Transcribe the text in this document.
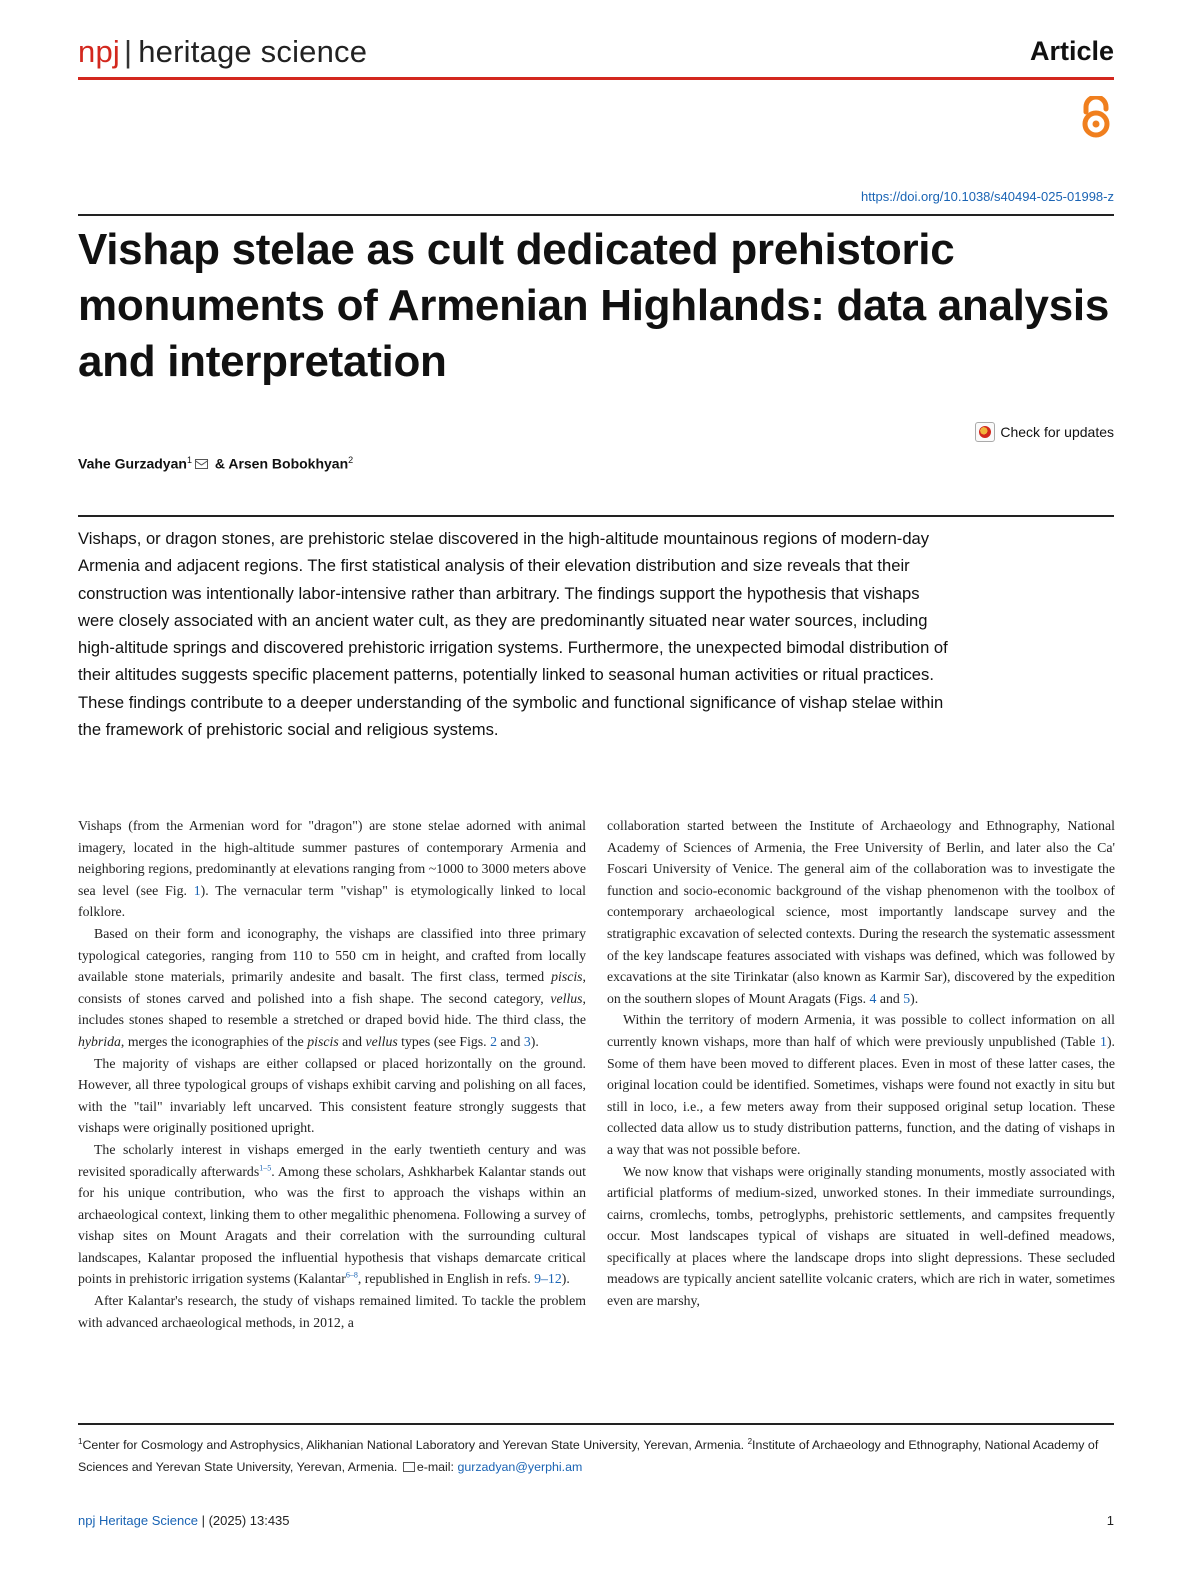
npj | heritage science	Article
https://doi.org/10.1038/s40494-025-01998-z
Vishap stelae as cult dedicated prehistoric monuments of Armenian Highlands: data analysis and interpretation
Check for updates
Vahe Gurzadyan$^1$ & Arsen Bobokhyan$^2$

Vishaps, or dragon stones, are prehistoric stelae discovered in the high-altitude mountainous regions of modern-day Armenia and adjacent regions. The first statistical analysis of their elevation distribution and size reveals that their construction was intentionally labor-intensive rather than arbitrary. The findings support the hypothesis that vishaps were closely associated with an ancient water cult, as they are predominantly situated near water sources, including high-altitude springs and discovered prehistoric irrigation systems. Furthermore, the unexpected bimodal distribution of their altitudes suggests specific placement patterns, potentially linked to seasonal human activities or ritual practices. These findings contribute to a deeper understanding of the symbolic and functional significance of vishap stelae within the framework of prehistoric social and religious systems.

Vishaps (from the Armenian word for "dragon") are stone stelae adorned with animal imagery, located in the high-altitude summer pastures of contemporary Armenia and neighboring regions, predominantly at elevations ranging from ~1000 to 3000 meters above sea level (see Fig. 1). The vernacular term "vishap" is etymologically linked to local folklore.

Based on their form and iconography, the vishaps are classified into three primary typological categories, ranging from 110 to 550 cm in height, and crafted from locally available stone materials, primarily andesite and basalt. The first class, termed piscis, consists of stones carved and polished into a fish shape. The second category, vellus, includes stones shaped to resemble a stretched or draped bovid hide. The third class, the hybrida, merges the iconographies of the piscis and vellus types (see Figs. 2 and 3).

The majority of vishaps are either collapsed or placed horizontally on the ground. However, all three typological groups of vishaps exhibit carving and polishing on all faces, with the "tail" invariably left uncarved. This consistent feature strongly suggests that vishaps were originally positioned upright.

The scholarly interest in vishaps emerged in the early twentieth century and was revisited sporadically afterwards$^{1-5}$. Among these scholars, Ashkharbek Kalantar stands out for his unique contribution, who was the first to approach the vishaps within an archaeological context, linking them to other megalithic phenomena. Following a survey of vishap sites on Mount Aragats and their correlation with the surrounding cultural landscapes, Kalantar proposed the influential hypothesis that vishaps demarcate critical points in prehistoric irrigation systems (Kalantar$^{6-8}$, republished in English in refs. 9–12).

After Kalantar's research, the study of vishaps remained limited. To tackle the problem with advanced archaeological methods, in 2012, a

collaboration started between the Institute of Archaeology and Ethnography, National Academy of Sciences of Armenia, the Free University of Berlin, and later also the Ca' Foscari University of Venice. The general aim of the collaboration was to investigate the function and socio-economic background of the vishap phenomenon with the toolbox of contemporary archaeological science, most importantly landscape survey and the stratigraphic excavation of selected contexts. During the research the systematic assessment of the key landscape features associated with vishaps was defined, which was followed by excavations at the site Tirinkatar (also known as Karmir Sar), discovered by the expedition on the southern slopes of Mount Aragats (Figs. 4 and 5).

Within the territory of modern Armenia, it was possible to collect information on all currently known vishaps, more than half of which were previously unpublished (Table 1). Some of them have been moved to different places. Even in most of these latter cases, the original location could be identified. Sometimes, vishaps were found not exactly in situ but still in loco, i.e., a few meters away from their supposed original setup location. These collected data allow us to study distribution patterns, function, and the dating of vishaps in a way that was not possible before.

We now know that vishaps were originally standing monuments, mostly associated with artificial platforms of medium-sized, unworked stones. In their immediate surroundings, cairns, cromlechs, tombs, petroglyphs, prehistoric settlements, and campsites frequently occur. Most landscapes typical of vishaps are situated in well-defined meadows, specifically at places where the landscape drops into slight depressions. These secluded meadows are typically ancient satellite volcanic craters, which are rich in water, sometimes even are marshy,

$^1$Center for Cosmology and Astrophysics, Alikhanian National Laboratory and Yerevan State University, Yerevan, Armenia. $^2$Institute of Archaeology and Ethnography, National Academy of Sciences and Yerevan State University, Yerevan, Armenia. e-mail: gurzadyan@yerphi.am
npj Heritage Science | (2025) 13:435	1
